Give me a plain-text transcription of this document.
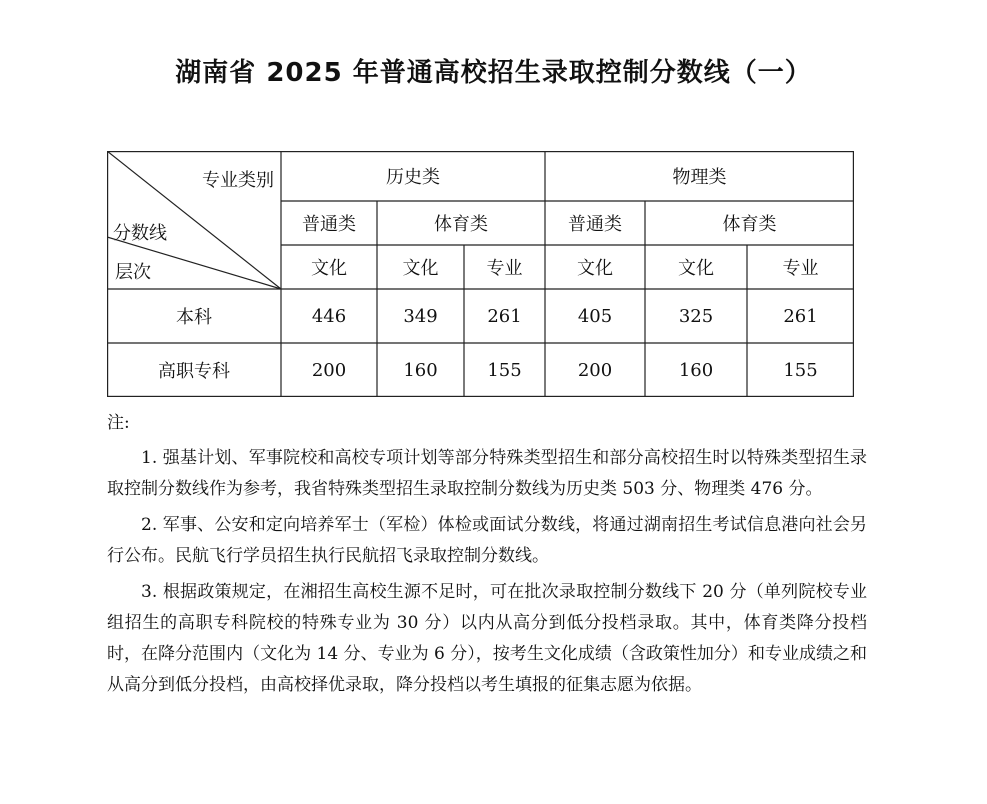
湖南省 2025 年普通高校招生录取控制分数线（一）
专业类别
分数线
层次
历史类	物理类
普通类	体育类	普通类	体育类
文化	文化	专业	文化	文化	专业
本科	446	349	261	405	325	261
高职专科	200	160	155	200	160	155
注:
1. 强基计划、军事院校和高校专项计划等部分特殊类型招生和部分高校招生时以特殊类型招生录取控制分数线作为参考，我省特殊类型招生录取控制分数线为历史类 503 分、物理类 476 分。
2. 军事、公安和定向培养军士（军检）体检或面试分数线，将通过湖南招生考试信息港向社会另行公布。民航飞行学员招生执行民航招飞录取控制分数线。
3. 根据政策规定，在湘招生高校生源不足时，可在批次录取控制分数线下 20 分（单列院校专业组招生的高职专科院校的特殊专业为 30 分）以内从高分到低分投档录取。其中，体育类降分投档时，在降分范围内（文化为 14 分、专业为 6 分），按考生文化成绩（含政策性加分）和专业成绩之和从高分到低分投档，由高校择优录取，降分投档以考生填报的征集志愿为依据。
